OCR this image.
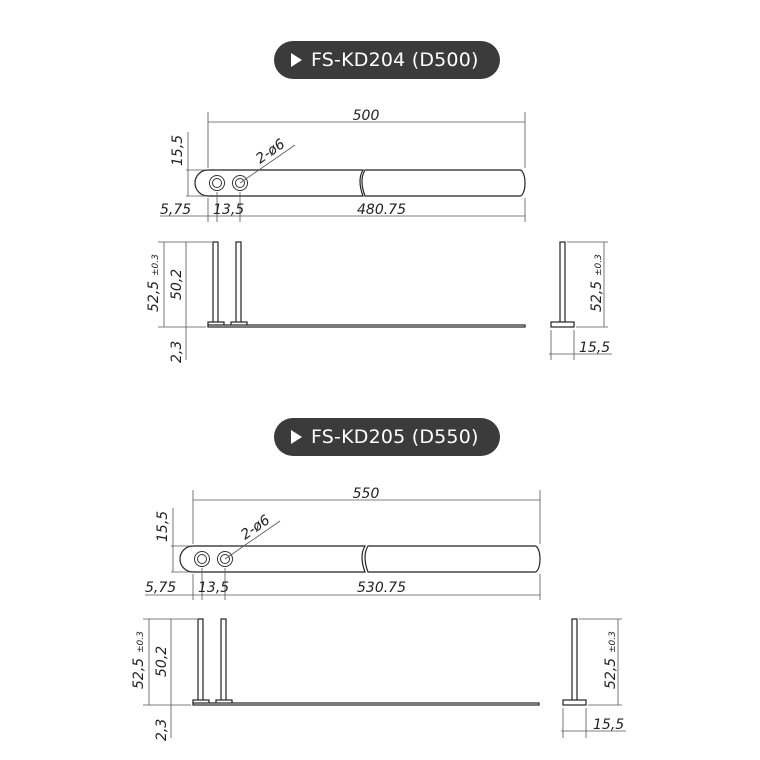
FS-KD204 (D500)
FS-KD205 (D550)
500
2-ø6
15,5
5,75 13,5	480.75
52,5
±0.3
50,2
2,3
52,5
±0.3
15,5
550
2-ø6
15,5
5,75 13,5	530.75
52,5
±0.3
50,2
2,3
52,5
±0.3
15,5
